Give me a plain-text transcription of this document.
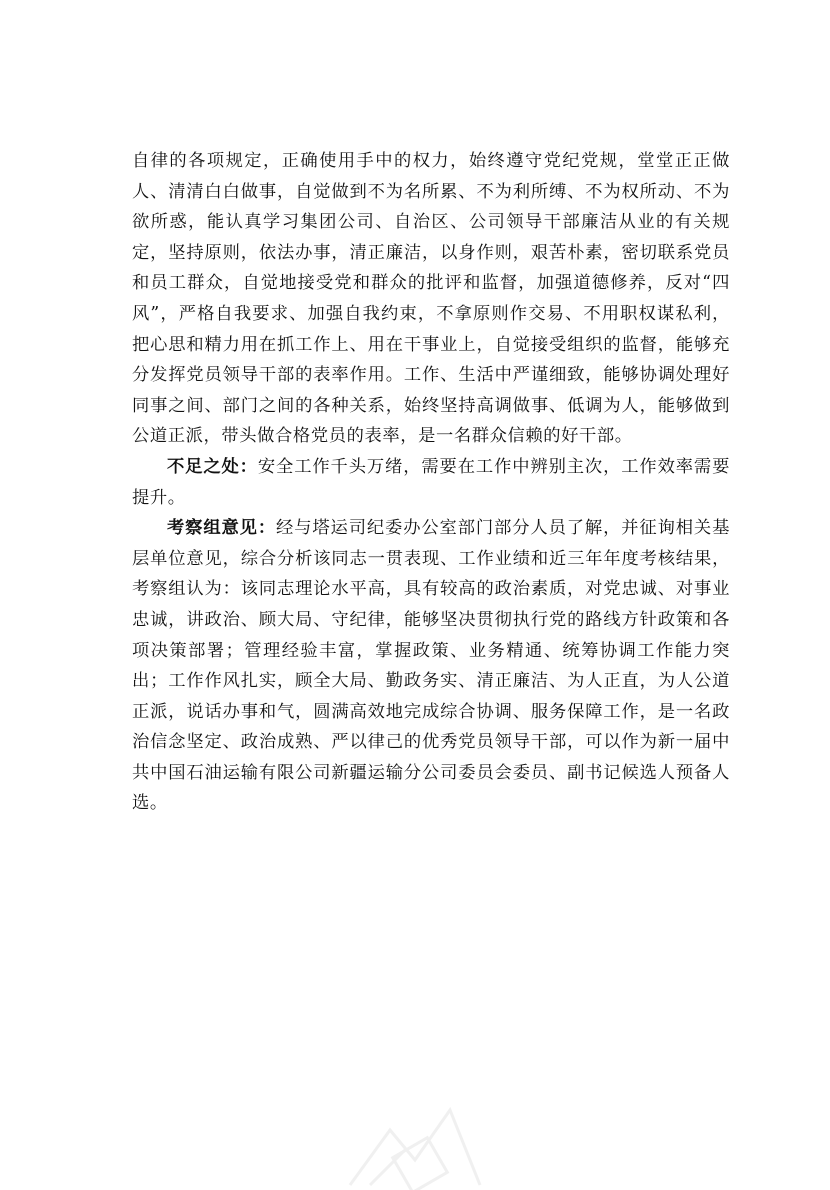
自律的各项规定，正确使用手中的权力，始终遵守党纪党规，堂堂正正做人、清清白白做事，自觉做到不为名所累、不为利所缚、不为权所动、不为欲所惑，能认真学习集团公司、自治区、公司领导干部廉洁从业的有关规定，坚持原则，依法办事，清正廉洁，以身作则，艰苦朴素，密切联系党员和员工群众，自觉地接受党和群众的批评和监督，加强道德修养，反对“四风”，严格自我要求、加强自我约束，不拿原则作交易、不用职权谋私利，把心思和精力用在抓工作上、用在干事业上，自觉接受组织的监督，能够充分发挥党员领导干部的表率作用。工作、生活中严谨细致，能够协调处理好同事之间、部门之间的各种关系，始终坚持高调做事、低调为人，能够做到公道正派，带头做合格党员的表率，是一名群众信赖的好干部。

不足之处：安全工作千头万绪，需要在工作中辨别主次，工作效率需要提升。

考察组意见：经与塔运司纪委办公室部门部分人员了解，并征询相关基层单位意见，综合分析该同志一贯表现、工作业绩和近三年年度考核结果，考察组认为：该同志理论水平高，具有较高的政治素质，对党忠诚、对事业忠诚，讲政治、顾大局、守纪律，能够坚决贯彻执行党的路线方针政策和各项决策部署；管理经验丰富，掌握政策、业务精通、统筹协调工作能力突出；工作作风扎实，顾全大局、勤政务实、清正廉洁、为人正直，为人公道正派，说话办事和气，圆满高效地完成综合协调、服务保障工作，是一名政治信念坚定、政治成熟、严以律己的优秀党员领导干部，可以作为新一届中共中国石油运输有限公司新疆运输分公司委员会委员、副书记候选人预备人选。
